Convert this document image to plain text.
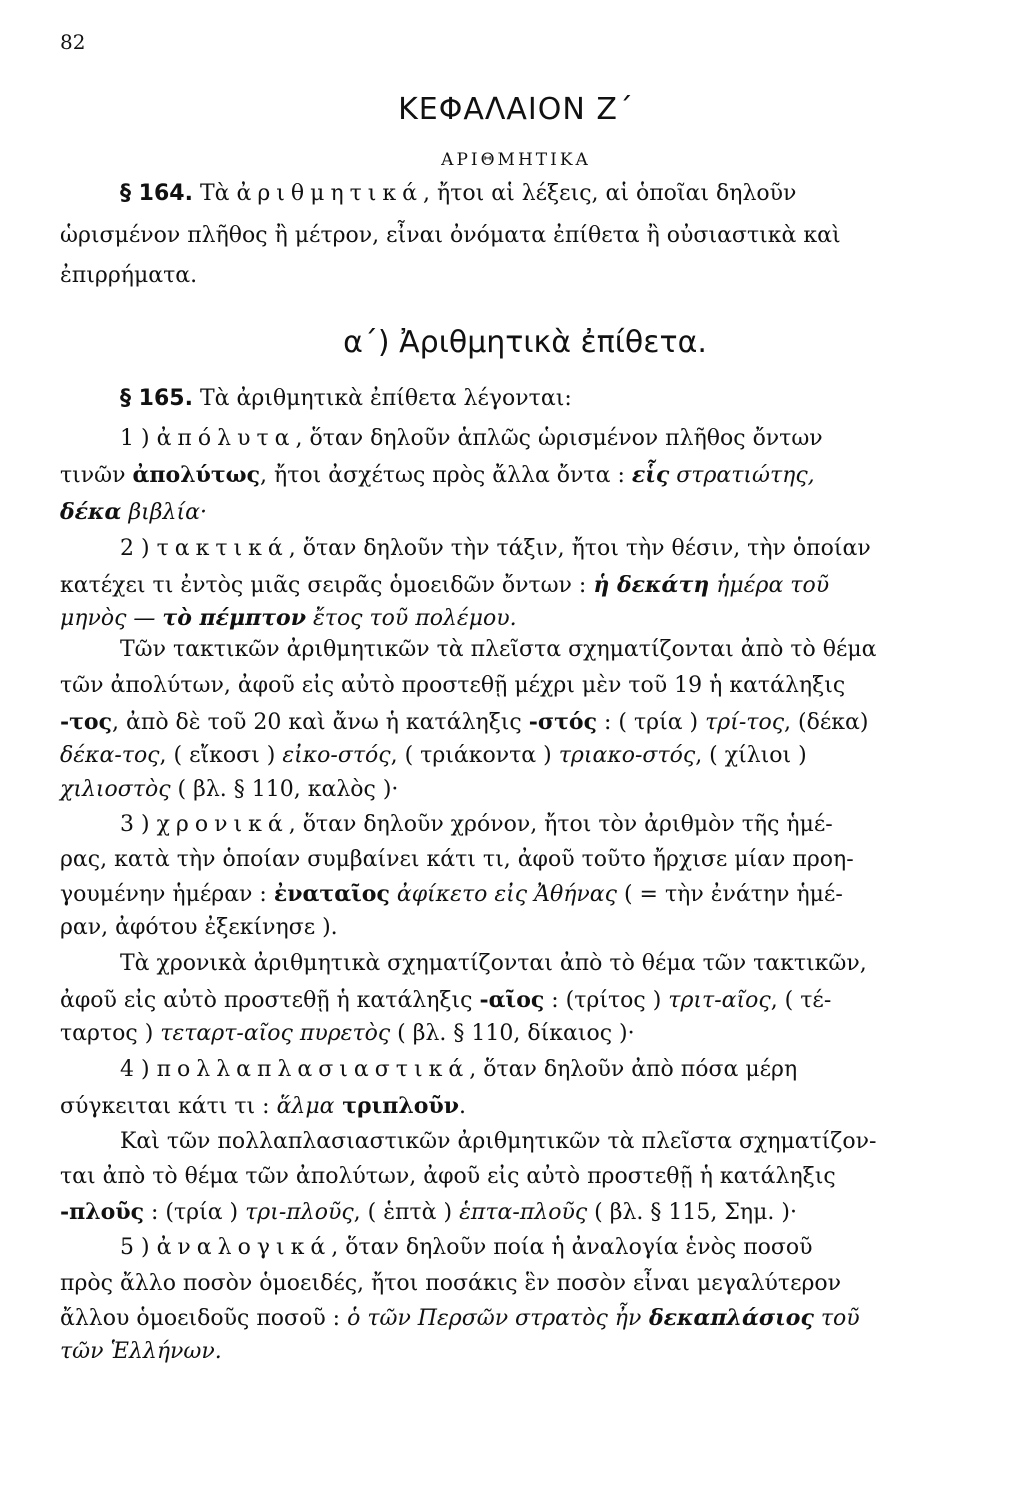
82
ΚΕΦΑΛΑΙΟΝ Ζ΄
ΑΡΙΘΜΗΤΙΚΑ
§ 164. Τὰ ἀριθμητικά, ἤτοι αἱ λέξεις, αἱ ὁποῖαι δηλοῦν
ὡρισμένον πλῆθος ἢ μέτρον, εἶναι ὀνόματα ἐπίθετα ἢ οὐσιαστικὰ καὶ
ἐπιρρήματα.
α΄) Ἀριθμητικὰ ἐπίθετα.
§ 165. Τὰ ἀριθμητικὰ ἐπίθετα λέγονται:
1 ) ἀπόλυτα, ὅταν δηλοῦν ἁπλῶς ὡρισμένον πλῆθος ὄντων
τινῶν ἀπολύτως, ἤτοι ἀσχέτως πρὸς ἄλλα ὄντα : εἷς στρατιώτης,
δέκα βιβλία·
2 ) τακτικά, ὅταν δηλοῦν τὴν τάξιν, ἤτοι τὴν θέσιν, τὴν ὁποίαν
κατέχει τι ἐντὸς μιᾶς σειρᾶς ὁμοειδῶν ὄντων : ἡ δεκάτη ἡμέρα τοῦ
μηνὸς — τὸ πέμπτον ἔτος τοῦ πολέμου.
Τῶν τακτικῶν ἀριθμητικῶν τὰ πλεῖστα σχηματίζονται ἀπὸ τὸ θέμα
τῶν ἀπολύτων, ἀφοῦ εἰς αὐτὸ προστεθῇ μέχρι μὲν τοῦ 19 ἡ κατάληξις
-τος, ἀπὸ δὲ τοῦ 20 καὶ ἄνω ἡ κατάληξις -στός : ( τρία ) τρί-τος, (δέκα)
δέκα-τος, ( εἴκοσι ) εἰκο-στός, ( τριάκοντα ) τριακο-στός, ( χίλιοι )
χιλιοστὸς ( βλ. § 110, καλὸς )·
3 ) χρονικά, ὅταν δηλοῦν χρόνον, ἤτοι τὸν ἀριθμὸν τῆς ἡμέ-
ρας, κατὰ τὴν ὁποίαν συμβαίνει κάτι τι, ἀφοῦ τοῦτο ἤρχισε μίαν προη-
γουμένην ἡμέραν : ἐναταῖος ἀφίκετο εἰς Ἀθήνας ( = τὴν ἐνάτην ἡμέ-
ραν, ἀφότου ἐξεκίνησε ).
Τὰ χρονικὰ ἀριθμητικὰ σχηματίζονται ἀπὸ τὸ θέμα τῶν τακτικῶν,
ἀφοῦ εἰς αὐτὸ προστεθῇ ἡ κατάληξις -αῖος : (τρίτος ) τριτ-αῖος, ( τέ-
ταρτος ) τεταρτ-αῖος πυρετὸς ( βλ. § 110, δίκαιος )·
4 ) πολλαπλασιαστικά, ὅταν δηλοῦν ἀπὸ πόσα μέρη
σύγκειται κάτι τι : ἅλμα τριπλοῦν.
Καὶ τῶν πολλαπλασιαστικῶν ἀριθμητικῶν τὰ πλεῖστα σχηματίζον-
ται ἀπὸ τὸ θέμα τῶν ἀπολύτων, ἀφοῦ εἰς αὐτὸ προστεθῇ ἡ κατάληξις
-πλοῦς : (τρία ) τρι-πλοῦς, ( ἑπτὰ ) ἑπτα-πλοῦς ( βλ. § 115, Σημ. )·
5 ) ἀναλογικά, ὅταν δηλοῦν ποία ἡ ἀναλογία ἑνὸς ποσοῦ
πρὸς ἄλλο ποσὸν ὁμοειδές, ἤτοι ποσάκις ἓν ποσὸν εἶναι μεγαλύτερον
ἄλλου ὁμοειδοῦς ποσοῦ : ὁ τῶν Περσῶν στρατὸς ἦν δεκαπλάσιος τοῦ
τῶν Ἑλλήνων.
